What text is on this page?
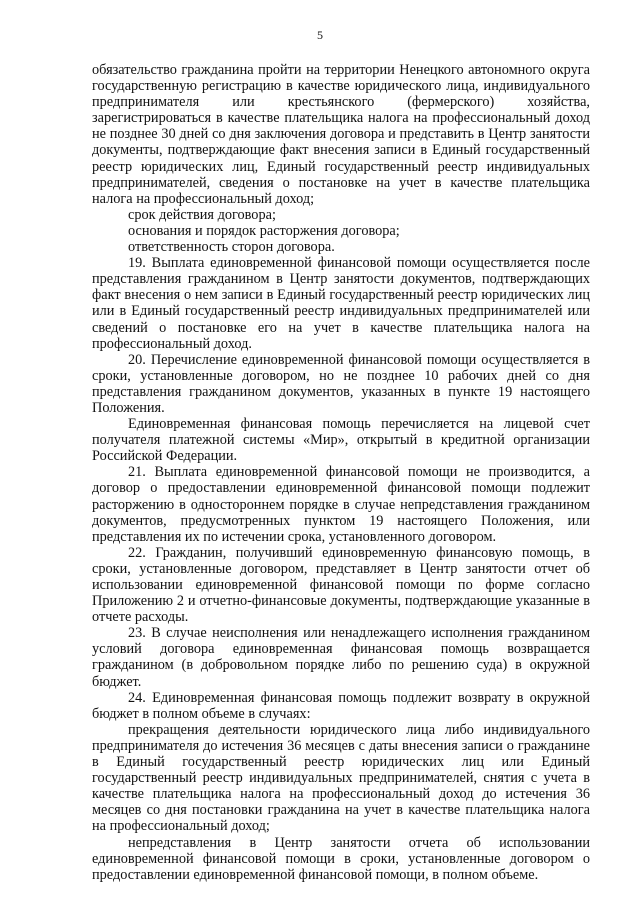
5

обязательство гражданина пройти на территории Ненецкого автономного округа государственную регистрацию в качестве юридического лица, индивидуального предпринимателя или крестьянского (фермерского) хозяйства, зарегистрироваться в качестве плательщика налога на профессиональный доход не позднее 30 дней со дня заключения договора и представить в Центр занятости документы, подтверждающие факт внесения записи в Единый государственный реестр юридических лиц, Единый государственный реестр индивидуальных предпринимателей, сведения о постановке на учет в качестве плательщика налога на профессиональный доход;

срок действия договора;

основания и порядок расторжения договора;

ответственность сторон договора.

19. Выплата единовременной финансовой помощи осуществляется после представления гражданином в Центр занятости документов, подтверждающих факт внесения о нем записи в Единый государственный реестр юридических лиц или в Единый государственный реестр индивидуальных предпринимателей или сведений о постановке его на учет в качестве плательщика налога на профессиональный доход.

20. Перечисление единовременной финансовой помощи осуществляется в сроки, установленные договором, но не позднее 10 рабочих дней со дня представления гражданином документов, указанных в пункте 19 настоящего Положения.

Единовременная финансовая помощь перечисляется на лицевой счет получателя платежной системы «Мир», открытый в кредитной организации Российской Федерации.

21. Выплата единовременной финансовой помощи не производится, а договор о предоставлении единовременной финансовой помощи подлежит расторжению в одностороннем порядке в случае непредставления гражданином документов, предусмотренных пунктом 19 настоящего Положения, или представления их по истечении срока, установленного договором.

22. Гражданин, получивший единовременную финансовую помощь, в сроки, установленные договором, представляет в Центр занятости отчет об использовании единовременной финансовой помощи по форме согласно Приложению 2 и отчетно-финансовые документы, подтверждающие указанные в отчете расходы.

23. В случае неисполнения или ненадлежащего исполнения гражданином условий договора единовременная финансовая помощь возвращается гражданином (в добровольном порядке либо по решению суда) в окружной бюджет.

24. Единовременная финансовая помощь подлежит возврату в окружной бюджет в полном объеме в случаях:

прекращения деятельности юридического лица либо индивидуального предпринимателя до истечения 36 месяцев с даты внесения записи о гражданине в Единый государственный реестр юридических лиц или Единый государственный реестр индивидуальных предпринимателей, снятия с учета в качестве плательщика налога на профессиональный доход до истечения 36 месяцев со дня постановки гражданина на учет в качестве плательщика налога на профессиональный доход;

непредставления в Центр занятости отчета об использовании единовременной финансовой помощи в сроки, установленные договором о предоставлении единовременной финансовой помощи, в полном объеме.
